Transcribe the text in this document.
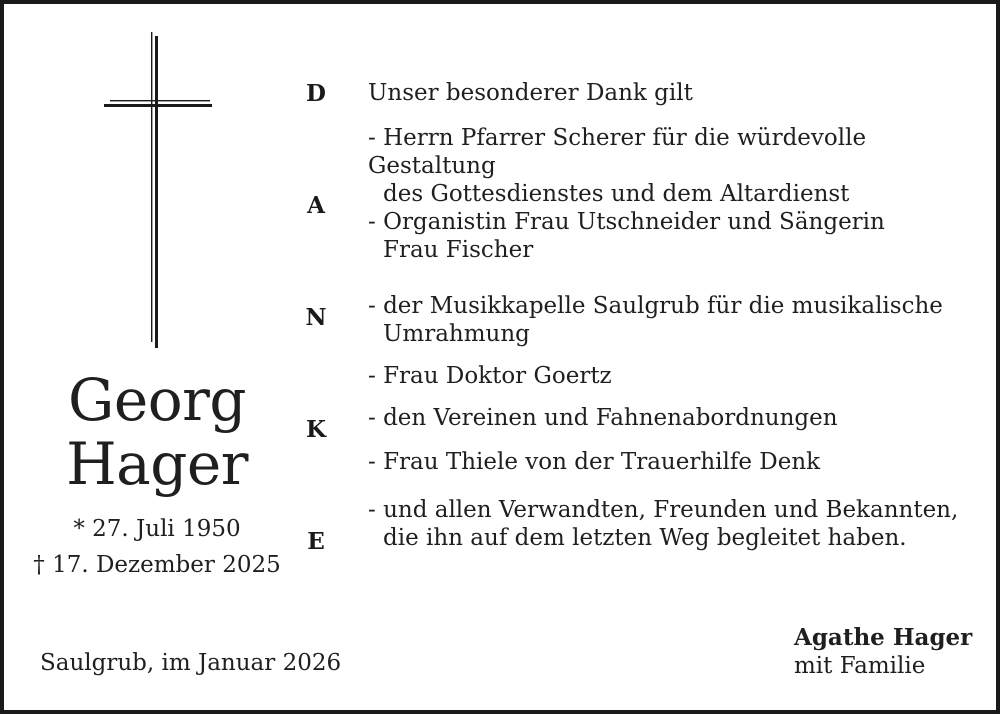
Georg
Hager
* 27. Juli 1950
† 17. Dezember 2025
Saulgrub, im Januar 2026
D
A
N
K
E
Unser besonderer Dank gilt
- Herrn Pfarrer Scherer für die würdevolle Gestaltung
des Gottesdienstes und dem Altardienst
- Organistin Frau Utschneider und Sängerin
Frau Fischer
- der Musikkapelle Saulgrub für die musikalische
Umrahmung
- Frau Doktor Goertz
- den Vereinen und Fahnenabordnungen
- Frau Thiele von der Trauerhilfe Denk
- und allen Verwandten, Freunden und Bekannten,
die ihn auf dem letzten Weg begleitet haben.
Agathe Hager
mit Familie
